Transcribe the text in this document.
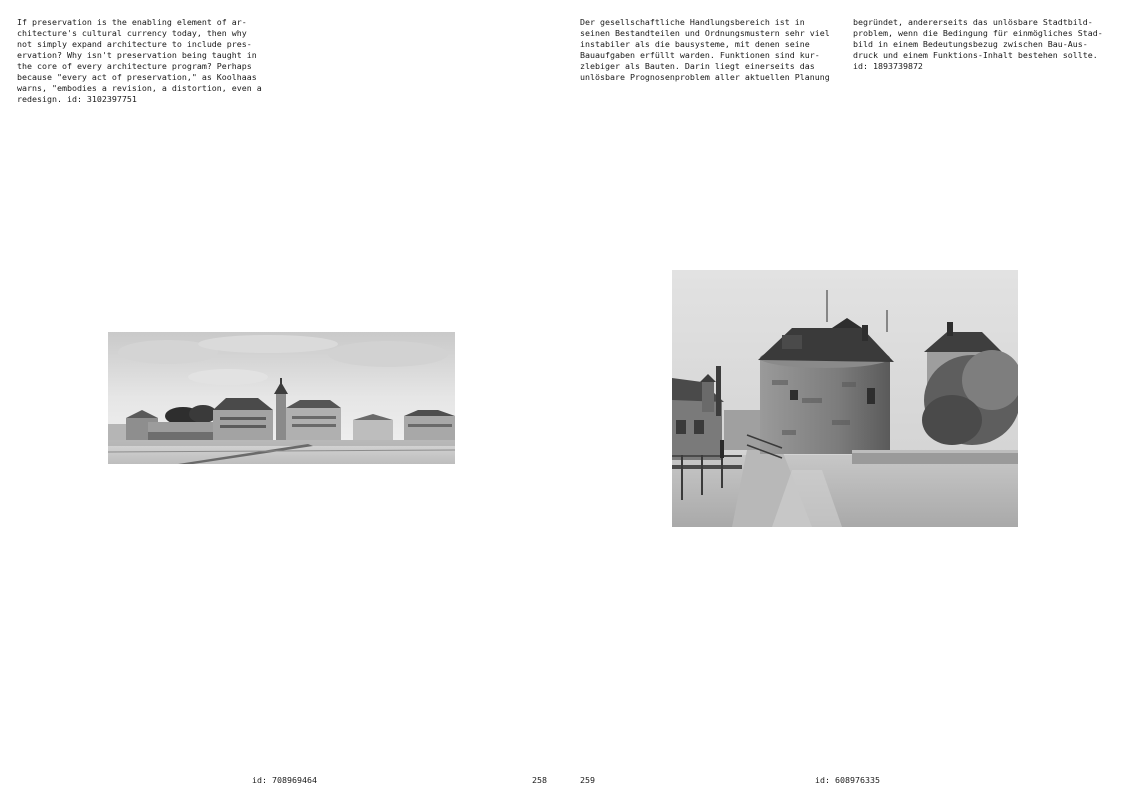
If preservation is the enabling element of ar-
chitecture's cultural currency today, then why
not simply expand architecture to include pres-
ervation? Why isn't preservation being taught in
the core of every architecture program? Perhaps
because "every act of preservation," as Koolhaas
warns, "embodies a revision, a distortion, even a
redesign. id: 3102397751
id: 708969464	258
Der gesellschaftliche Handlungsbereich ist in
seinen Bestandteilen und Ordnungsmustern sehr viel
instabiler als die bausysteme, mit denen seine
Bauaufgaben erfüllt warden. Funktionen sind kur-
zlebiger als Bauten. Darin liegt einerseits das
unlösbare Prognosenproblem aller aktuellen Planung
begründet, andererseits das unlösbare Stadtbild-
problem, wenn die Bedingung für einmögliches Stad-
bild in einem Bedeutungsbezug zwischen Bau-Aus-
druck und einem Funktions-Inhalt bestehen sollte.
id: 1893739872
259	id: 608976335
